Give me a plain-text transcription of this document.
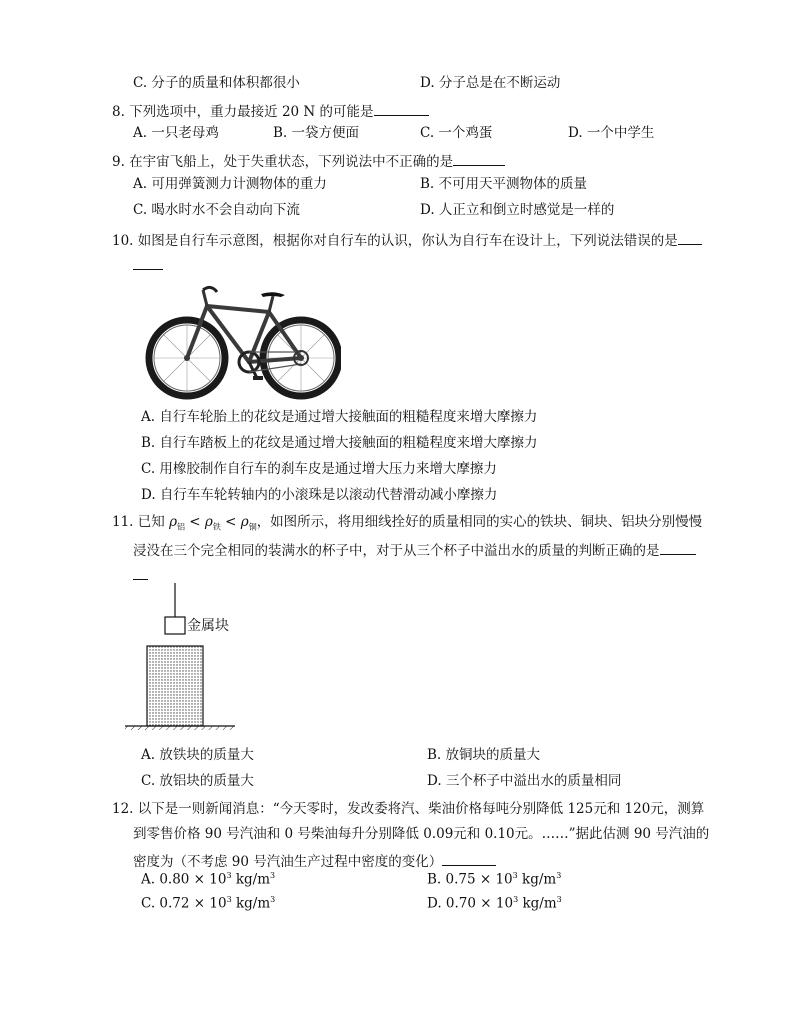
C. 分子的质量和体积都很小	D. 分子总是在不断运动
8. 下列选项中，重力最接近 20 N 的可能是
A. 一只老母鸡	B. 一袋方便面	C. 一个鸡蛋	D. 一个中学生
9. 在宇宙飞船上，处于失重状态，下列说法中不正确的是
A. 可用弹簧测力计测物体的重力	B. 不可用天平测物体的质量
C. 喝水时水不会自动向下流	D. 人正立和倒立时感觉是一样的
10. 如图是自行车示意图，根据你对自行车的认识，你认为自行车在设计上，下列说法错误的是
A. 自行车轮胎上的花纹是通过增大接触面的粗糙程度来增大摩擦力
B. 自行车踏板上的花纹是通过增大接触面的粗糙程度来增大摩擦力
C. 用橡胶制作自行车的刹车皮是通过增大压力来增大摩擦力
D. 自行车车轮转轴内的小滚珠是以滚动代替滑动减小摩擦力
11. 已知 $\rho_铝 < \rho_铁 < \rho_铜$，如图所示，将用细线拴好的质量相同的实心的铁块、铜块、铝块分别慢慢
浸没在三个完全相同的装满水的杯子中，对于从三个杯子中溢出水的质量的判断正确的是
金属块
A. 放铁块的质量大	B. 放铜块的质量大
C. 放铝块的质量大	D. 三个杯子中溢出水的质量相同
12. 以下是一则新闻消息：“今天零时，发改委将汽、柴油价格每吨分别降低 125元和 120元，测算
到零售价格 90 号汽油和 0 号柴油每升分别降低 0.09元和 0.10元。……”据此估测 90 号汽油的
密度为（不考虑 90 号汽油生产过程中密度的变化）
A. $0.80 \times 10^3$ $kg/m^3$	B. $0.75 \times 10^3$ $kg/m^3$
C. $0.72 \times 10^3$ $kg/m^3$	D. $0.70 \times 10^3$ $kg/m^3$
